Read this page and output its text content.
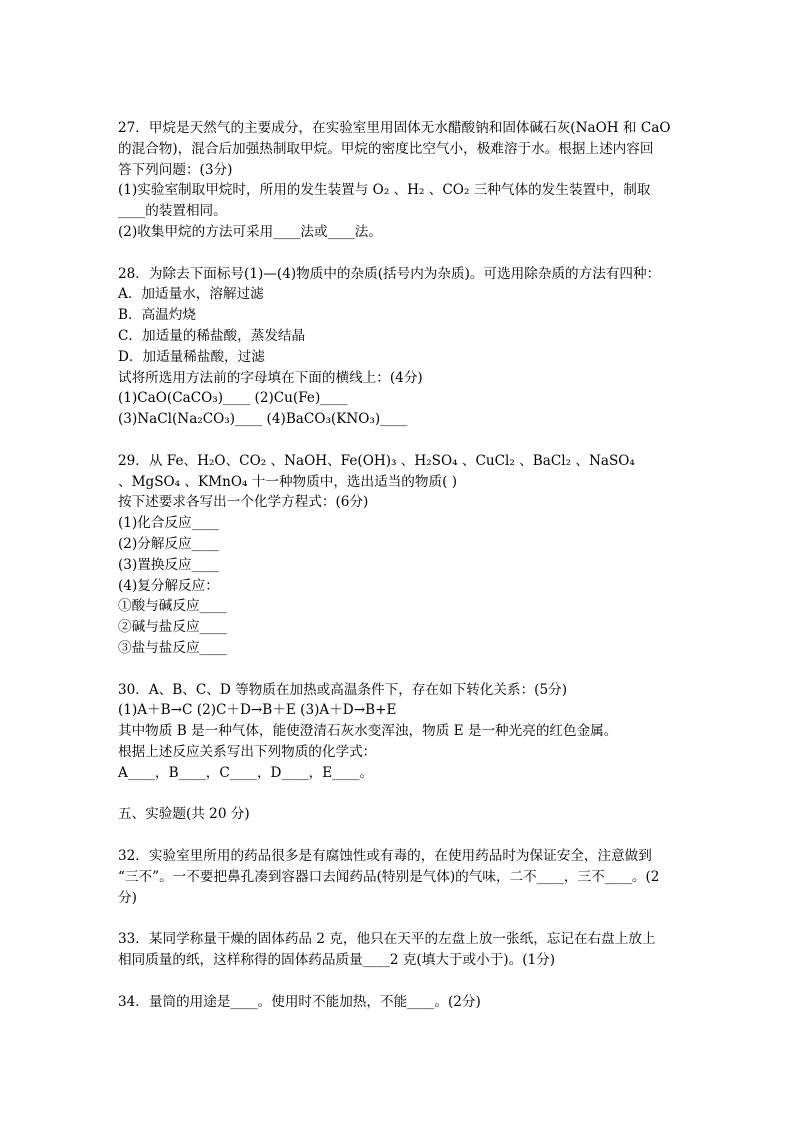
27．甲烷是天然气的主要成分，在实验室里用固体无水醋酸钠和固体碱石灰(NaOH 和 CaO
的混合物)，混合后加强热制取甲烷。甲烷的密度比空气小，极难溶于水。根据上述内容回
答下列问题：(3分)
(1)实验室制取甲烷时，所用的发生装置与 O₂ 、H₂ 、CO₂ 三种气体的发生装置中，制取
____的装置相同。
(2)收集甲烷的方法可采用____法或____法。
28．为除去下面标号(1)—(4)物质中的杂质(括号内为杂质)。可选用除杂质的方法有四种：
A．加适量水，溶解过滤
B．高温灼烧
C．加适量的稀盐酸，蒸发结晶
D．加适量稀盐酸，过滤
试将所选用方法前的字母填在下面的横线上：(4分)
(1)CaO(CaCO₃)____ (2)Cu(Fe)____
(3)NaCl(Na₂CO₃)____ (4)BaCO₃(KNO₃)____
29．从 Fe、H₂O、CO₂ 、NaOH、Fe(OH)₃ 、H₂SO₄ 、CuCl₂ 、BaCl₂ 、NaSO₄
、MgSO₄ 、KMnO₄ 十一种物质中，选出适当的物质( )
按下述要求各写出一个化学方程式：(6分)
(1)化合反应____
(2)分解反应____
(3)置换反应____
(4)复分解反应：
①酸与碱反应____
②碱与盐反应____
③盐与盐反应____
30．A、B、C、D 等物质在加热或高温条件下，存在如下转化关系：(5分)
(1)A＋B→C (2)C＋D→B＋E (3)A＋D→B+E
其中物质 B 是一种气体，能使澄清石灰水变浑浊，物质 E 是一种光亮的红色金属。
根据上述反应关系写出下列物质的化学式：
A____，B____，C____，D____，E____。
五、实验题(共 20 分)
32．实验室里所用的药品很多是有腐蚀性或有毒的，在使用药品时为保证安全，注意做到
“三不”。一不要把鼻孔凑到容器口去闻药品(特别是气体)的气味，二不____，三不____。(2
分)
33．某同学称量干燥的固体药品 2 克，他只在天平的左盘上放一张纸，忘记在右盘上放上
相同质量的纸，这样称得的固体药品质量____2 克(填大于或小于)。(1分)
34．量筒的用途是____。使用时不能加热，不能____。(2分)
